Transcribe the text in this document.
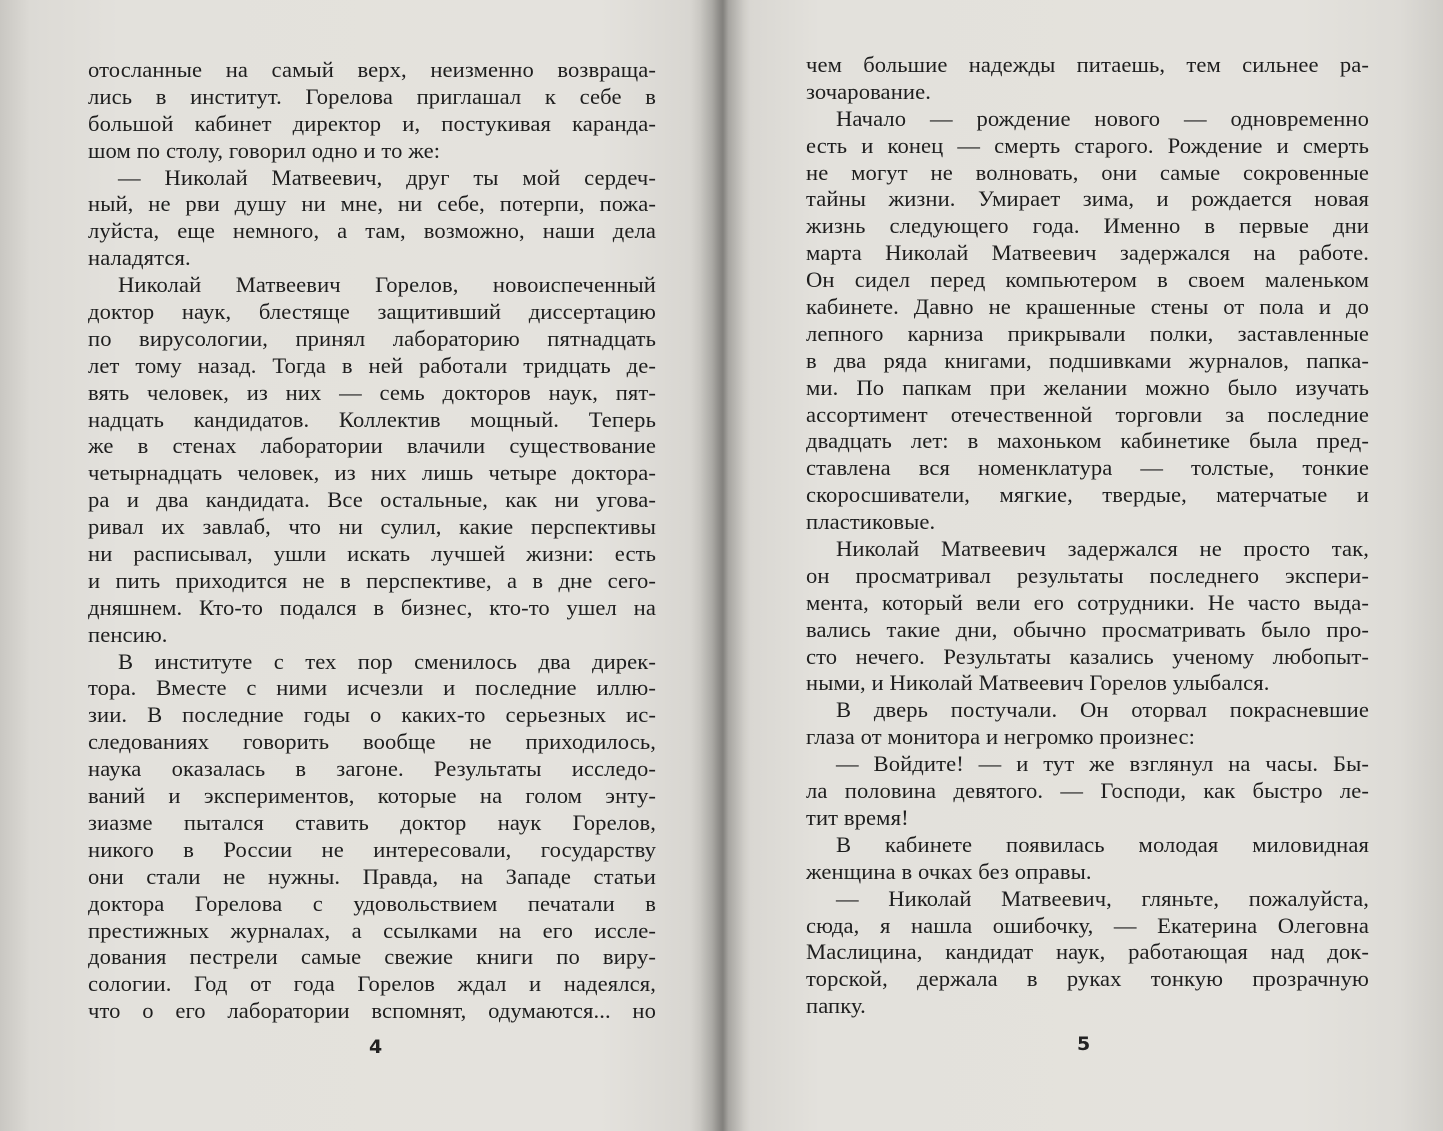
отосланные на самый верх, неизменно возвраща-
лись в институт. Горелова приглашал к себе в
большой кабинет директор и, постукивая каранда-
шом по столу, говорил одно и то же:
— Николай Матвеевич, друг ты мой сердеч-
ный, не рви душу ни мне, ни себе, потерпи, пожа-
луйста, еще немного, а там, возможно, наши дела
наладятся.
Николай Матвеевич Горелов, новоиспеченный
доктор наук, блестяще защитивший диссертацию
по вирусологии, принял лабораторию пятнадцать
лет тому назад. Тогда в ней работали тридцать де-
вять человек, из них — семь докторов наук, пят-
надцать кандидатов. Коллектив мощный. Теперь
же в стенах лаборатории влачили существование
четырнадцать человек, из них лишь четыре доктора-
ра и два кандидата. Все остальные, как ни угова-
ривал их завлаб, что ни сулил, какие перспективы
ни расписывал, ушли искать лучшей жизни: есть
и пить приходится не в перспективе, а в дне сего-
дняшнем. Кто-то подался в бизнес, кто-то ушел на
пенсию.
В институте с тех пор сменилось два дирек-
тора. Вместе с ними исчезли и последние иллю-
зии. В последние годы о каких-то серьезных ис-
следованиях говорить вообще не приходилось,
наука оказалась в загоне. Результаты исследо-
ваний и экспериментов, которые на голом энту-
зиазме пытался ставить доктор наук Горелов,
никого в России не интересовали, государству
они стали не нужны. Правда, на Западе статьи
доктора Горелова с удовольствием печатали в
престижных журналах, а ссылками на его иссле-
дования пестрели самые свежие книги по виру-
сологии. Год от года Горелов ждал и надеялся,
что о его лаборатории вспомнят, одумаются... но
4
чем большие надежды питаешь, тем сильнее ра-
зочарование.
Начало — рождение нового — одновременно
есть и конец — смерть старого. Рождение и смерть
не могут не волновать, они самые сокровенные
тайны жизни. Умирает зима, и рождается новая
жизнь следующего года. Именно в первые дни
марта Николай Матвеевич задержался на работе.
Он сидел перед компьютером в своем маленьком
кабинете. Давно не крашенные стены от пола и до
лепного карниза прикрывали полки, заставленные
в два ряда книгами, подшивками журналов, папка-
ми. По папкам при желании можно было изучать
ассортимент отечественной торговли за последние
двадцать лет: в махоньком кабинетике была пред-
ставлена вся номенклатура — толстые, тонкие
скоросшиватели, мягкие, твердые, матерчатые и
пластиковые.
Николай Матвеевич задержался не просто так,
он просматривал результаты последнего экспери-
мента, который вели его сотрудники. Не часто выда-
вались такие дни, обычно просматривать было про-
сто нечего. Результаты казались ученому любопыт-
ными, и Николай Матвеевич Горелов улыбался.
В дверь постучали. Он оторвал покрасневшие
глаза от монитора и негромко произнес:
— Войдите! — и тут же взглянул на часы. Бы-
ла половина девятого. — Господи, как быстро ле-
тит время!
В кабинете появилась молодая миловидная
женщина в очках без оправы.
— Николай Матвеевич, гляньте, пожалуйста,
сюда, я нашла ошибочку, — Екатерина Олеговна
Маслицина, кандидат наук, работающая над док-
торской, держала в руках тонкую прозрачную
папку.
5
